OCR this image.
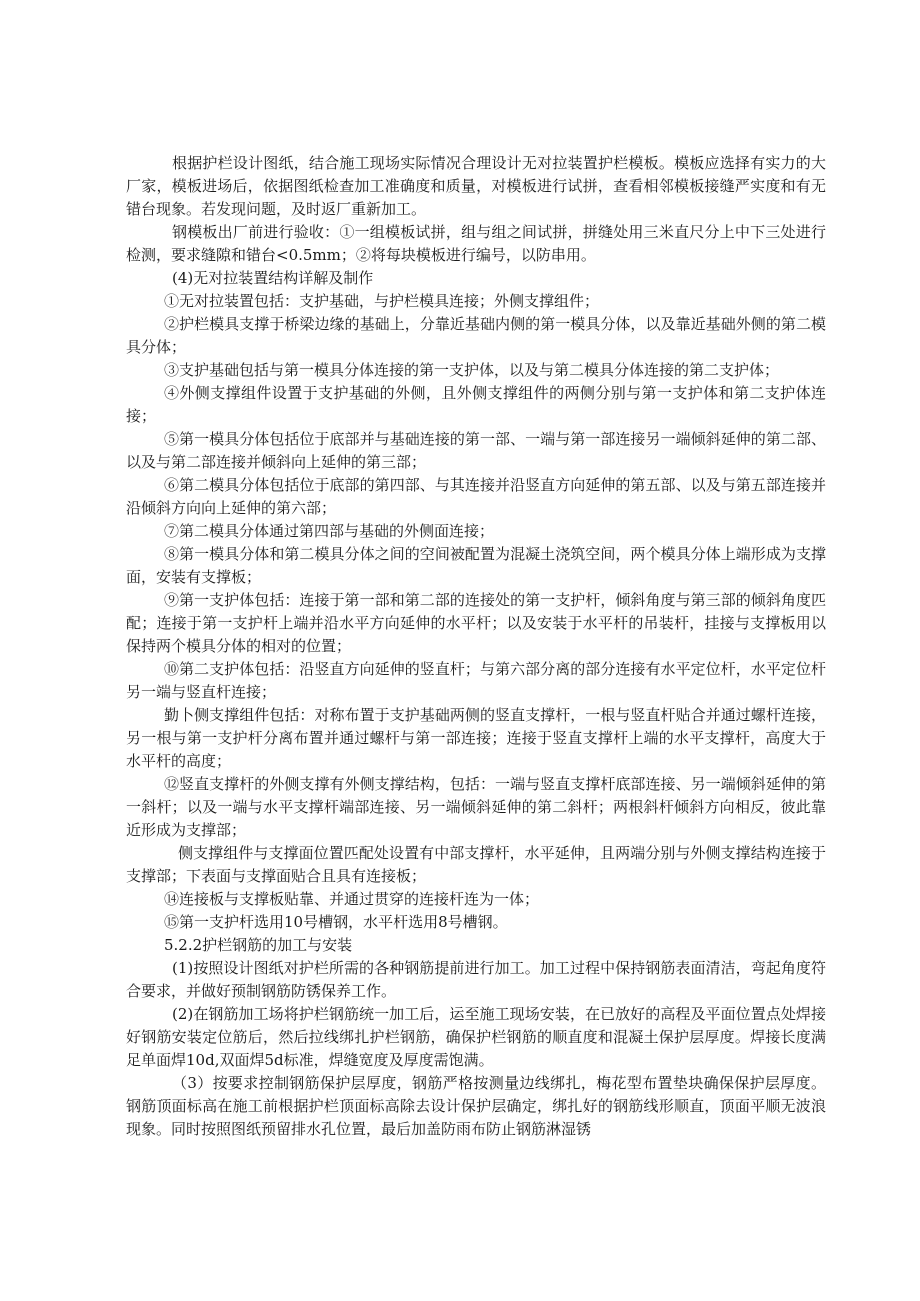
根据护栏设计图纸，结合施工现场实际情况合理设计无对拉装置护栏模板。模板应选择有实力的大厂家，模板进场后，依据图纸检查加工准确度和质量，对模板进行试拼，查看相邻模板接缝严实度和有无错台现象。若发现问题，及时返厂重新加工。

钢模板出厂前进行验收：①一组模板试拼，组与组之间试拼，拼缝处用三米直尺分上中下三处进行检测，要求缝隙和错台<0.5mm；②将每块模板进行编号，以防串用。

(4)无对拉装置结构详解及制作

①无对拉装置包括：支护基础，与护栏模具连接；外侧支撑组件；

②护栏模具支撑于桥梁边缘的基础上，分靠近基础内侧的第一模具分体，以及靠近基础外侧的第二模具分体；

③支护基础包括与第一模具分体连接的第一支护体，以及与第二模具分体连接的第二支护体；

④外侧支撑组件设置于支护基础的外侧，且外侧支撑组件的两侧分别与第一支护体和第二支护体连接；

⑤第一模具分体包括位于底部并与基础连接的第一部、一端与第一部连接另一端倾斜延伸的第二部、以及与第二部连接并倾斜向上延伸的第三部；

⑥第二模具分体包括位于底部的第四部、与其连接并沿竖直方向延伸的第五部、以及与第五部连接并沿倾斜方向向上延伸的第六部；

⑦第二模具分体通过第四部与基础的外侧面连接；

⑧第一模具分体和第二模具分体之间的空间被配置为混凝土浇筑空间，两个模具分体上端形成为支撑面，安装有支撑板；

⑨第一支护体包括：连接于第一部和第二部的连接处的第一支护杆，倾斜角度与第三部的倾斜角度匹配；连接于第一支护杆上端并沿水平方向延伸的水平杆；以及安装于水平杆的吊装杆，挂接与支撑板用以保持两个模具分体的相对的位置；

⑩第二支护体包括：沿竖直方向延伸的竖直杆；与第六部分离的部分连接有水平定位杆，水平定位杆另一端与竖直杆连接；

勤卜侧支撑组件包括：对称布置于支护基础两侧的竖直支撑杆，一根与竖直杆贴合并通过螺杆连接，另一根与第一支护杆分离布置并通过螺杆与第一部连接；连接于竖直支撑杆上端的水平支撑杆，高度大于水平杆的高度；

⑫竖直支撑杆的外侧支撑有外侧支撑结构，包括：一端与竖直支撑杆底部连接、另一端倾斜延伸的第一斜杆；以及一端与水平支撑杆端部连接、另一端倾斜延伸的第二斜杆；两根斜杆倾斜方向相反，彼此靠近形成为支撑部；

侧支撑组件与支撑面位置匹配处设置有中部支撑杆，水平延伸，且两端分别与外侧支撑结构连接于支撑部；下表面与支撑面贴合且具有连接板；

⑭连接板与支撑板贴靠、并通过贯穿的连接杆连为一体；

⑮第一支护杆选用10号槽钢，水平杆选用8号槽钢。

5.2.2护栏钢筋的加工与安装

(1)按照设计图纸对护栏所需的各种钢筋提前进行加工。加工过程中保持钢筋表面清洁，弯起角度符合要求，并做好预制钢筋防锈保养工作。

(2)在钢筋加工场将护栏钢筋统一加工后，运至施工现场安装，在已放好的高程及平面位置点处焊接好钢筋安装定位筋后，然后拉线绑扎护栏钢筋，确保护栏钢筋的顺直度和混凝土保护层厚度。焊接长度满足单面焊10d,双面焊5d标准，焊缝宽度及厚度需饱满。

（3）按要求控制钢筋保护层厚度，钢筋严格按测量边线绑扎，梅花型布置垫块确保保护层厚度。钢筋顶面标高在施工前根据护栏顶面标高除去设计保护层确定，绑扎好的钢筋线形顺直，顶面平顺无波浪现象。同时按照图纸预留排水孔位置，最后加盖防雨布防止钢筋淋湿锈
